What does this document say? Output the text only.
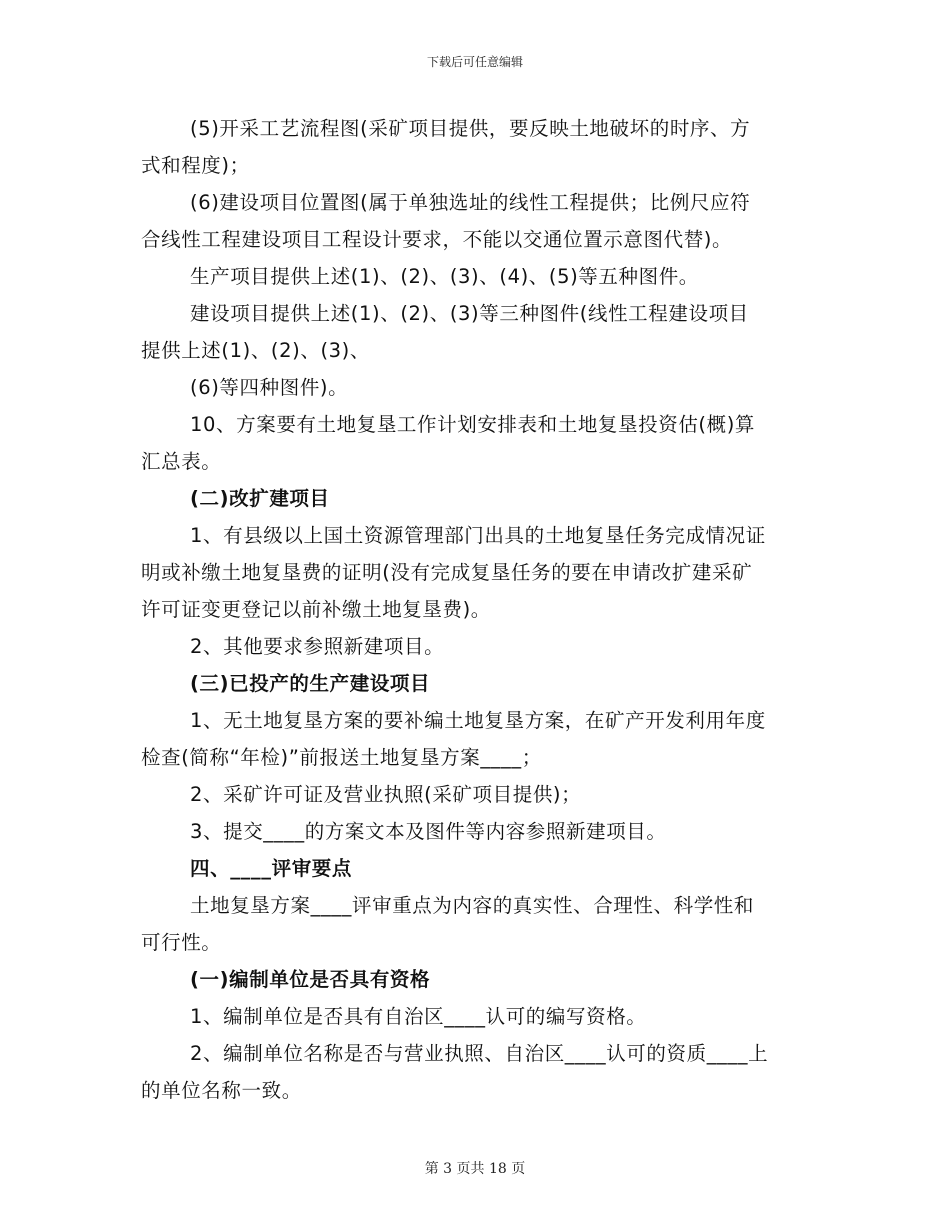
下载后可任意编辑
(5)开采工艺流程图(采矿项目提供，要反映土地破坏的时序、方
式和程度)；
(6)建设项目位置图(属于单独选址的线性工程提供；比例尺应符
合线性工程建设项目工程设计要求，不能以交通位置示意图代替)。
生产项目提供上述(1)、(2)、(3)、(4)、(5)等五种图件。
建设项目提供上述(1)、(2)、(3)等三种图件(线性工程建设项目
提供上述(1)、(2)、(3)、
(6)等四种图件)。
10、方案要有土地复垦工作计划安排表和土地复垦投资估(概)算
汇总表。
(二)改扩建项目
1、有县级以上国土资源管理部门出具的土地复垦任务完成情况证
明或补缴土地复垦费的证明(没有完成复垦任务的要在申请改扩建采矿
许可证变更登记以前补缴土地复垦费)。
2、其他要求参照新建项目。
(三)已投产的生产建设项目
1、无土地复垦方案的要补编土地复垦方案，在矿产开发利用年度
检查(简称“年检)”前报送土地复垦方案____；
2、采矿许可证及营业执照(采矿项目提供)；
3、提交____的方案文本及图件等内容参照新建项目。
四、____评审要点
土地复垦方案____评审重点为内容的真实性、合理性、科学性和
可行性。
(一)编制单位是否具有资格
1、编制单位是否具有自治区____认可的编写资格。
2、编制单位名称是否与营业执照、自治区____认可的资质____上
的单位名称一致。
第 3 页共 18 页
